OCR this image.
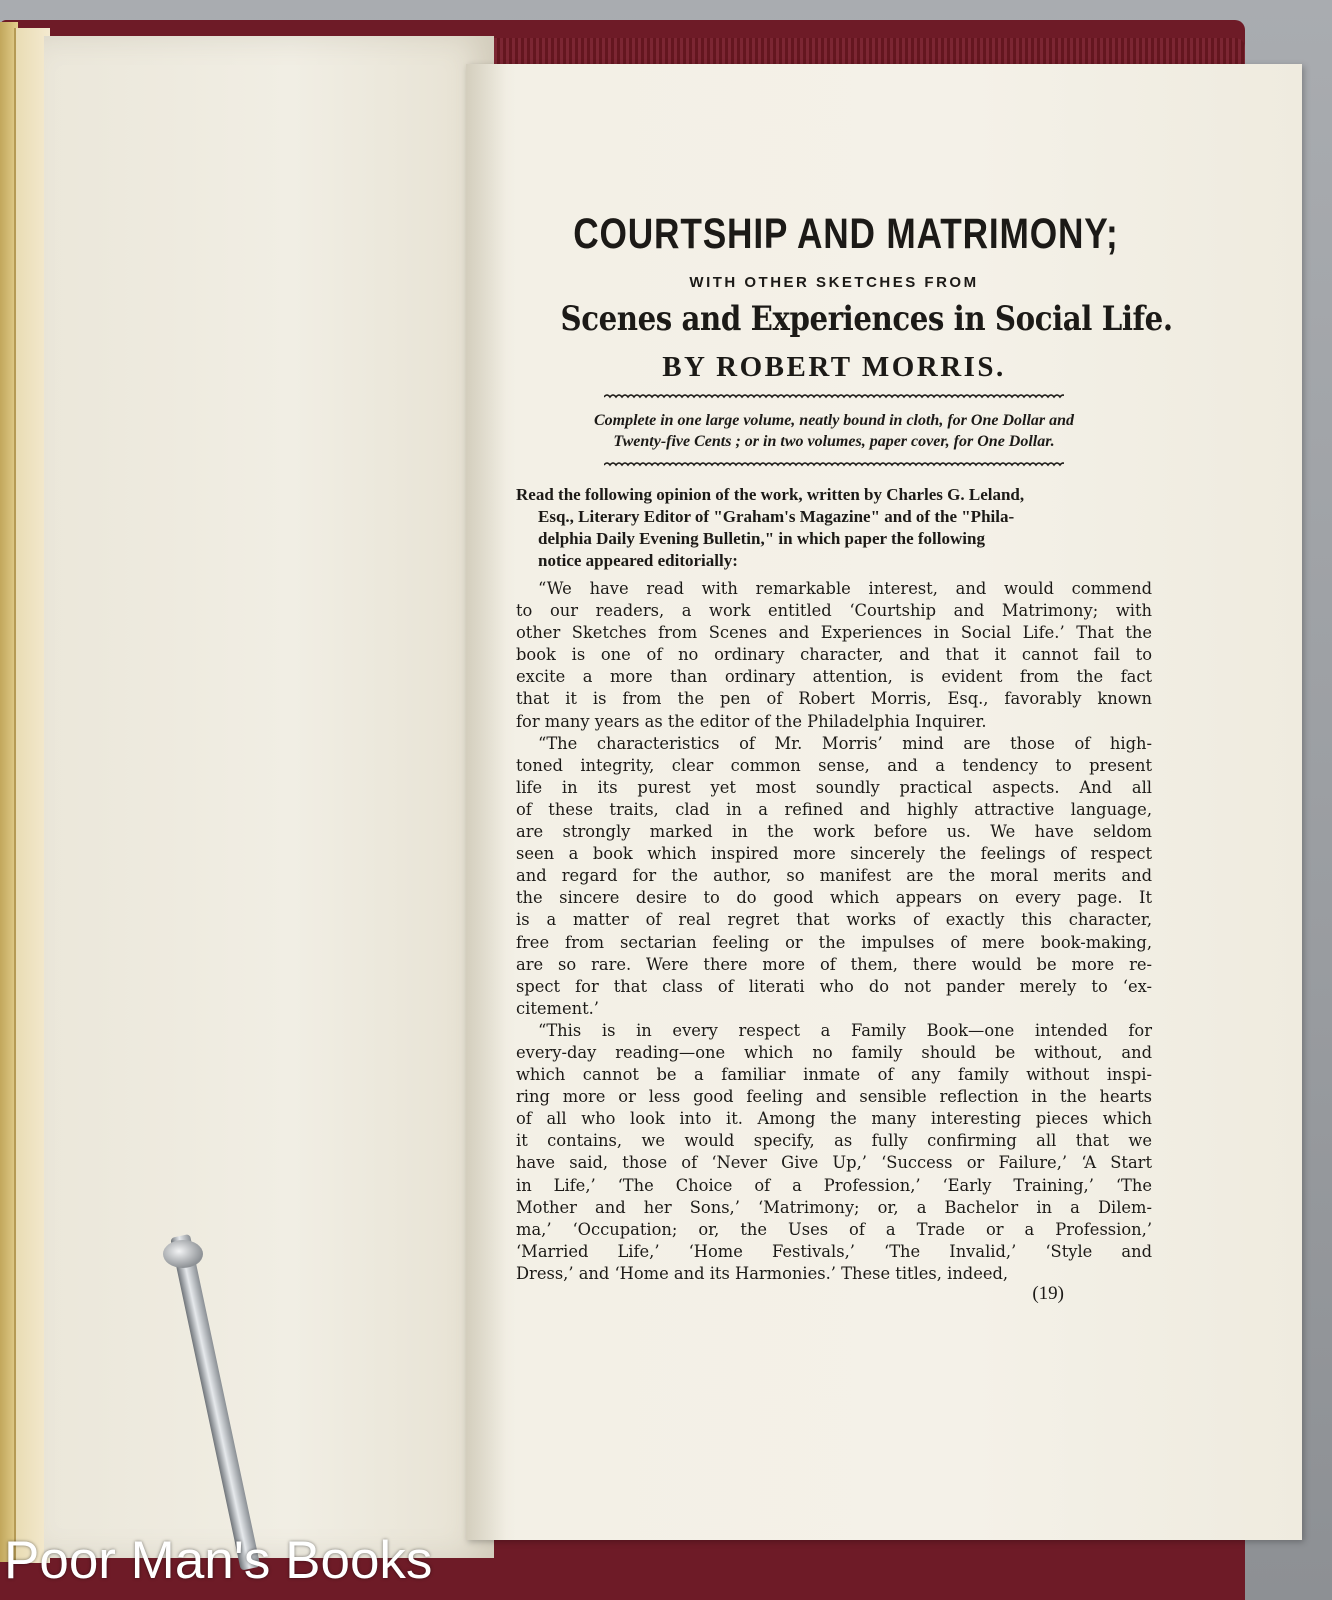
COURTSHIP AND MATRIMONY;
WITH OTHER SKETCHES FROM
Scenes and Experiences in Social Life.
BY ROBERT MORRIS.

Complete in one large volume, neatly bound in cloth, for One Dollar and

Twenty-five Cents ; or in two volumes, paper cover, for One Dollar.

Read the following opinion of the work, written by Charles G. Leland,

Esq., Literary Editor of "Graham's Magazine" and of the "Phila-

delphia Daily Evening Bulletin," in which paper the following

notice appeared editorially:

“We have read with remarkable interest, and would commend

to our readers, a work entitled ‘Courtship and Matrimony; with

other Sketches from Scenes and Experiences in Social Life.’ That the

book is one of no ordinary character, and that it cannot fail to

excite a more than ordinary attention, is evident from the fact

that it is from the pen of Robert Morris, Esq., favorably known

for many years as the editor of the Philadelphia Inquirer.

“The characteristics of Mr. Morris’ mind are those of high-

toned integrity, clear common sense, and a tendency to present

life in its purest yet most soundly practical aspects. And all

of these traits, clad in a refined and highly attractive language,

are strongly marked in the work before us. We have seldom

seen a book which inspired more sincerely the feelings of respect

and regard for the author, so manifest are the moral merits and

the sincere desire to do good which appears on every page. It

is a matter of real regret that works of exactly this character,

free from sectarian feeling or the impulses of mere book-making,

are so rare. Were there more of them, there would be more re-

spect for that class of literati who do not pander merely to ‘ex-

citement.’

“This is in every respect a Family Book—one intended for

every-day reading—one which no family should be without, and

which cannot be a familiar inmate of any family without inspi-

ring more or less good feeling and sensible reflection in the hearts

of all who look into it. Among the many interesting pieces which

it contains, we would specify, as fully confirming all that we

have said, those of ‘Never Give Up,’ ‘Success or Failure,’ ‘A Start

in Life,’ ‘The Choice of a Profession,’ ‘Early Training,’ ‘The

Mother and her Sons,’ ‘Matrimony; or, a Bachelor in a Dilem-

ma,’ ‘Occupation; or, the Uses of a Trade or a Profession,’

‘Married Life,’ ‘Home Festivals,’ ‘The Invalid,’ ‘Style and

Dress,’ and ‘Home and its Harmonies.’ These titles, indeed,

(19)
Poor Man's Books
